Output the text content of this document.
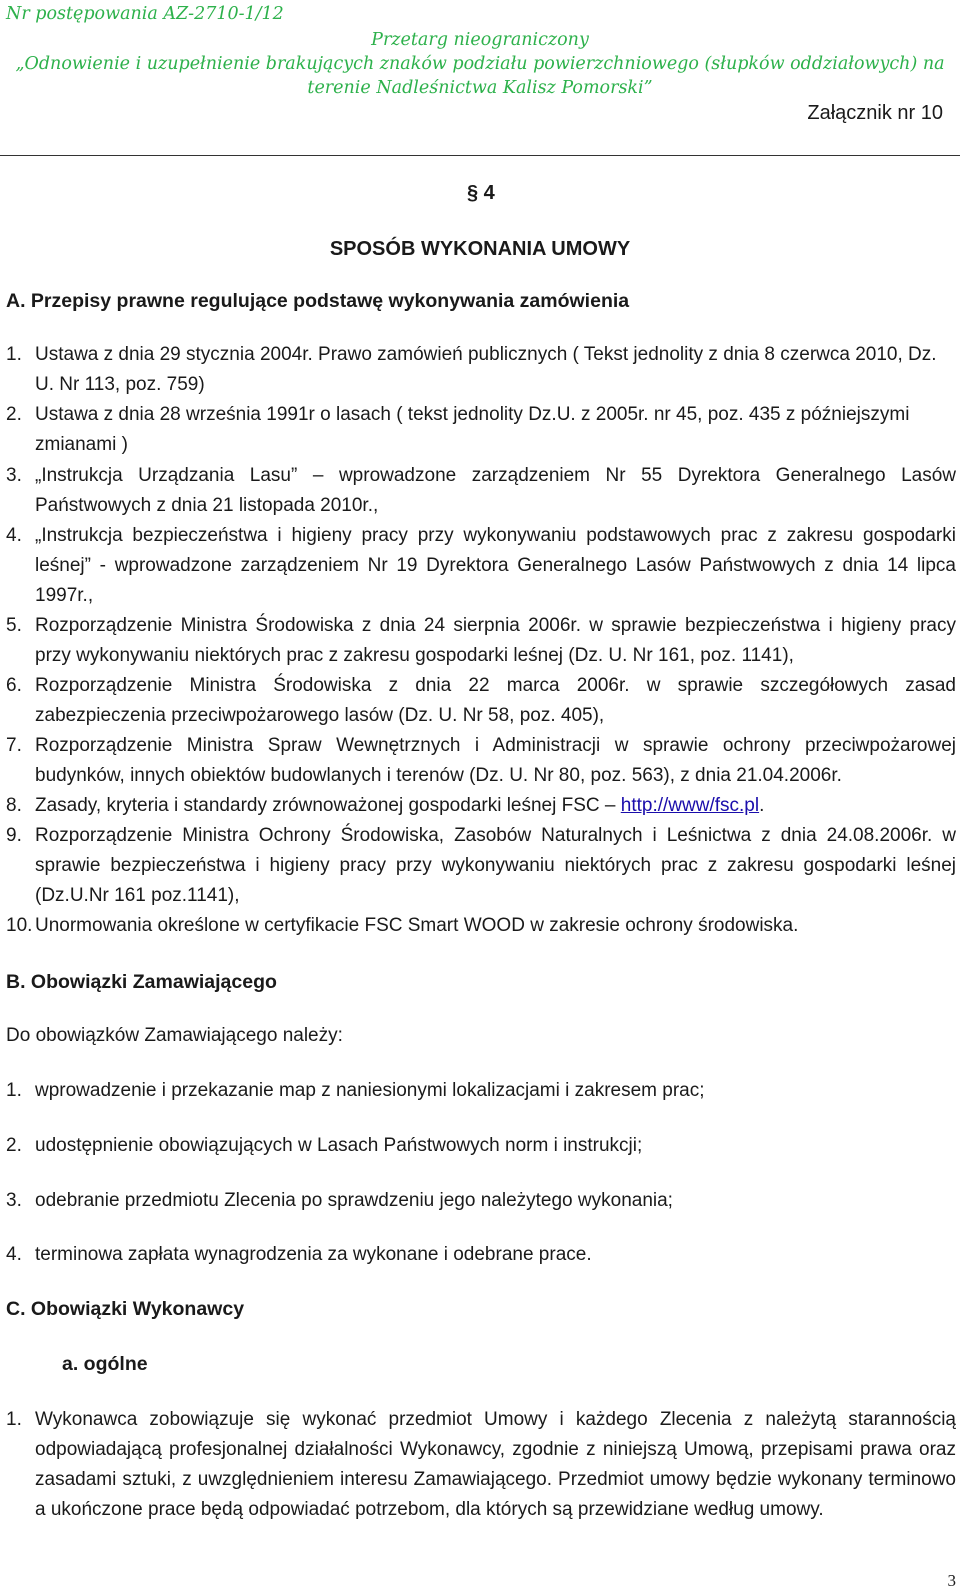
Nr postępowania AZ-2710-1/12
Przetarg nieograniczony
„Odnowienie i uzupełnienie brakujących znaków podziału powierzchniowego (słupków oddziałowych) na
terenie Nadleśnictwa Kalisz Pomorski”
Załącznik nr 10
§ 4
SPOSÓB WYKONANIA UMOWY
A. Przepisy prawne regulujące podstawę wykonywania zamówienia
1. Ustawa z dnia 29 stycznia 2004r. Prawo zamówień publicznych ( Tekst jednolity z dnia 8 czerwca 2010, Dz. U. Nr 113, poz. 759)
2. Ustawa z dnia 28 września 1991r o lasach ( tekst jednolity Dz.U. z 2005r. nr 45, poz. 435 z późniejszymi zmianami )
3. „Instrukcja Urządzania Lasu” – wprowadzone zarządzeniem Nr 55 Dyrektora Generalnego Lasów Państwowych z dnia 21 listopada 2010r.,
4. „Instrukcja bezpieczeństwa i higieny pracy przy wykonywaniu podstawowych prac z zakresu gospodarki leśnej” - wprowadzone zarządzeniem Nr 19 Dyrektora Generalnego Lasów Państwowych z dnia 14 lipca 1997r.,
5. Rozporządzenie Ministra Środowiska z dnia 24 sierpnia 2006r. w sprawie bezpieczeństwa i higieny pracy przy wykonywaniu niektórych prac z zakresu gospodarki leśnej (Dz. U. Nr 161, poz. 1141),
6. Rozporządzenie Ministra Środowiska z dnia 22 marca 2006r. w sprawie szczegółowych zasad zabezpieczenia przeciwpożarowego lasów (Dz. U. Nr 58, poz. 405),
7. Rozporządzenie Ministra Spraw Wewnętrznych i Administracji w sprawie ochrony przeciwpożarowej budynków, innych obiektów budowlanych i terenów (Dz. U. Nr 80, poz. 563), z dnia 21.04.2006r.
8. Zasady, kryteria i standardy zrównoważonej gospodarki leśnej FSC – http://www/fsc.pl.
9. Rozporządzenie Ministra Ochrony Środowiska, Zasobów Naturalnych i Leśnictwa z dnia 24.08.2006r. w sprawie bezpieczeństwa i higieny pracy przy wykonywaniu niektórych prac z zakresu gospodarki leśnej (Dz.U.Nr 161 poz.1141),
10. Unormowania określone w certyfikacie FSC Smart WOOD w zakresie ochrony środowiska.
B. Obowiązki Zamawiającego
Do obowiązków Zamawiającego należy:
1. wprowadzenie i przekazanie map z naniesionymi lokalizacjami i zakresem prac;
2. udostępnienie obowiązujących w Lasach Państwowych norm i instrukcji;
3. odebranie przedmiotu Zlecenia po sprawdzeniu jego należytego wykonania;
4. terminowa zapłata wynagrodzenia za wykonane i odebrane prace.
C. Obowiązki Wykonawcy
a. ogólne
1. Wykonawca zobowiązuje się wykonać przedmiot Umowy i każdego Zlecenia z należytą starannością odpowiadającą profesjonalnej działalności Wykonawcy, zgodnie z niniejszą Umową, przepisami prawa oraz zasadami sztuki, z uwzględnieniem interesu Zamawiającego. Przedmiot umowy będzie wykonany terminowo a ukończone prace będą odpowiadać potrzebom, dla których są przewidziane według umowy.
3
